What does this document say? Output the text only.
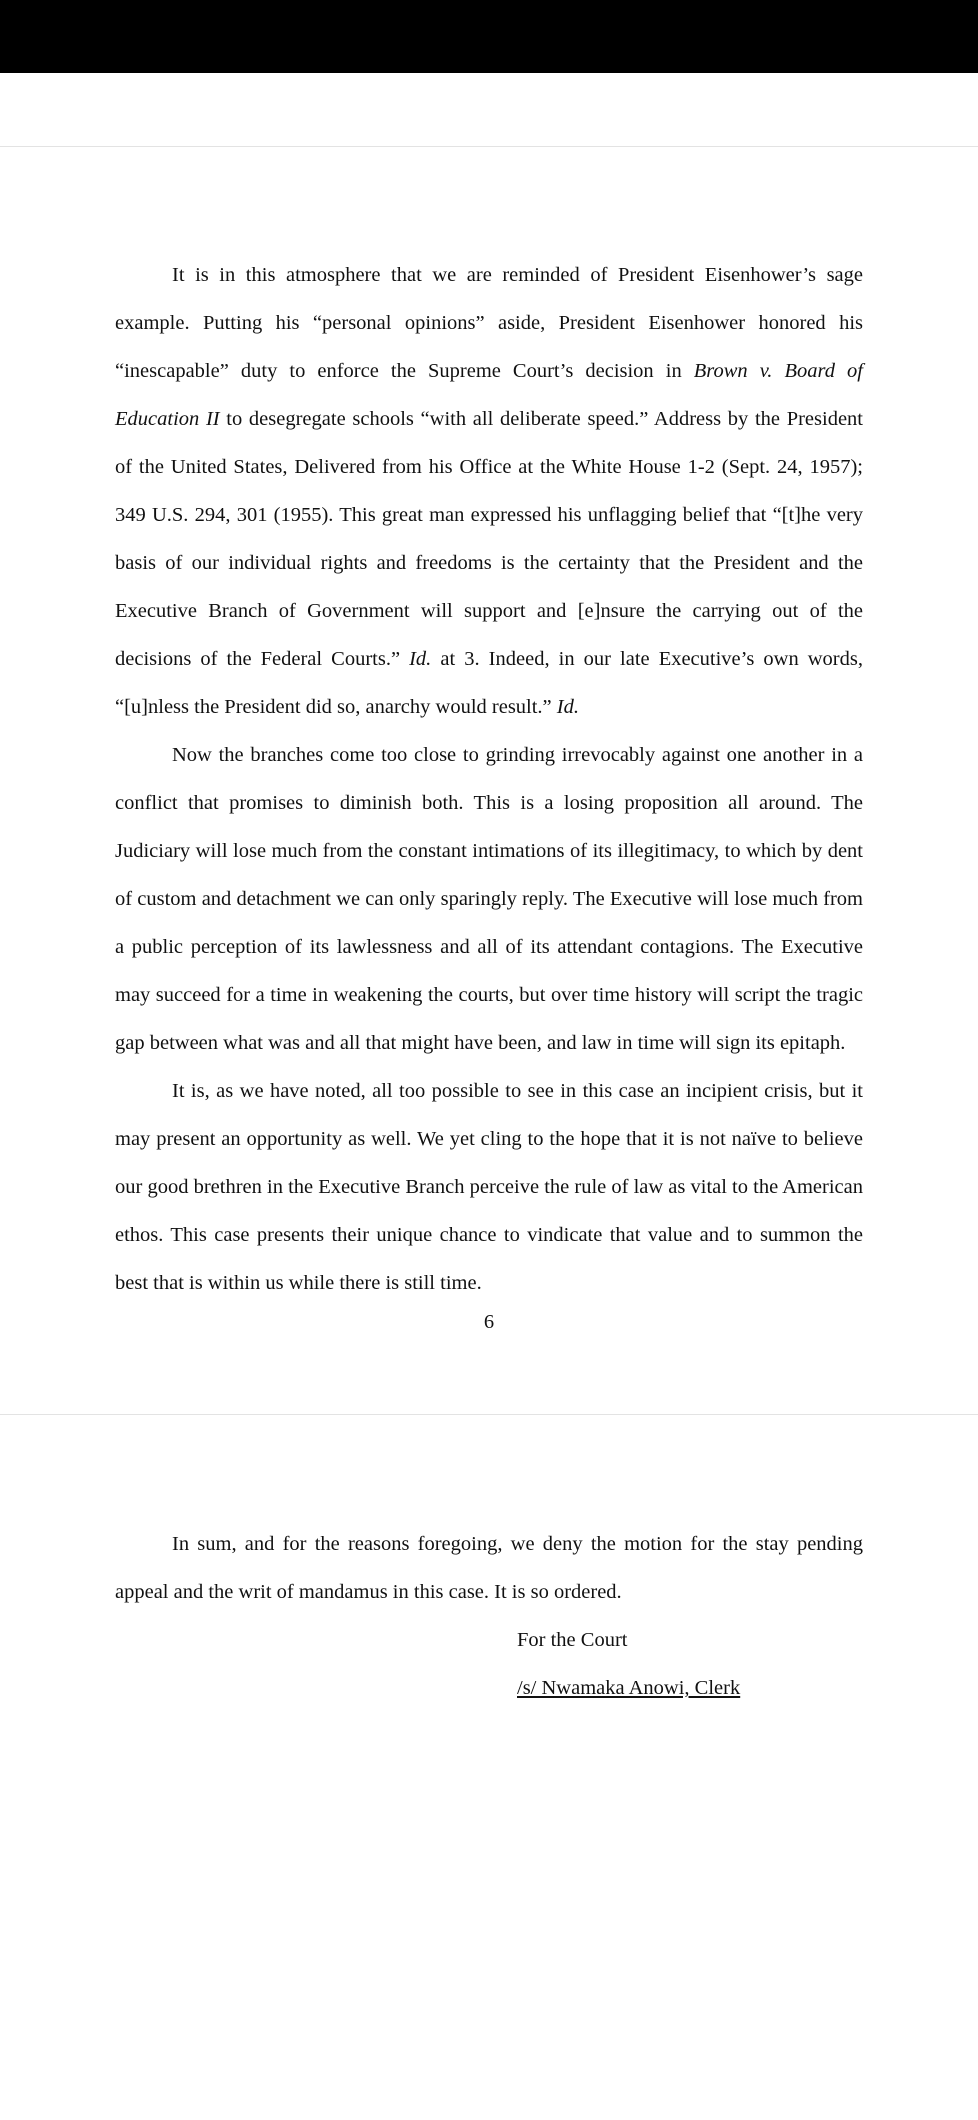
It is in this atmosphere that we are reminded of President Eisenhower’s sage example. Putting his “personal opinions” aside, President Eisenhower honored his “inescapable” duty to enforce the Supreme Court’s decision in Brown v. Board of Education II to desegregate schools “with all deliberate speed.” Address by the President of the United States, Delivered from his Office at the White House 1-2 (Sept. 24, 1957); 349 U.S. 294, 301 (1955). This great man expressed his unflagging belief that “[t]he very basis of our individual rights and freedoms is the certainty that the President and the Executive Branch of Government will support and [e]nsure the carrying out of the decisions of the Federal Courts.” Id. at 3. Indeed, in our late Executive’s own words, “[u]nless the President did so, anarchy would result.” Id.

Now the branches come too close to grinding irrevocably against one another in a conflict that promises to diminish both. This is a losing proposition all around. The Judiciary will lose much from the constant intimations of its illegitimacy, to which by dent of custom and detachment we can only sparingly reply. The Executive will lose much from a public perception of its lawlessness and all of its attendant contagions. The Executive may succeed for a time in weakening the courts, but over time history will script the tragic gap between what was and all that might have been, and law in time will sign its epitaph.

It is, as we have noted, all too possible to see in this case an incipient crisis, but it may present an opportunity as well. We yet cling to the hope that it is not naïve to believe our good brethren in the Executive Branch perceive the rule of law as vital to the American ethos. This case presents their unique chance to vindicate that value and to summon the best that is within us while there is still time.

6

In sum, and for the reasons foregoing, we deny the motion for the stay pending appeal and the writ of mandamus in this case. It is so ordered.

For the Court
/s/ Nwamaka Anowi, Clerk
